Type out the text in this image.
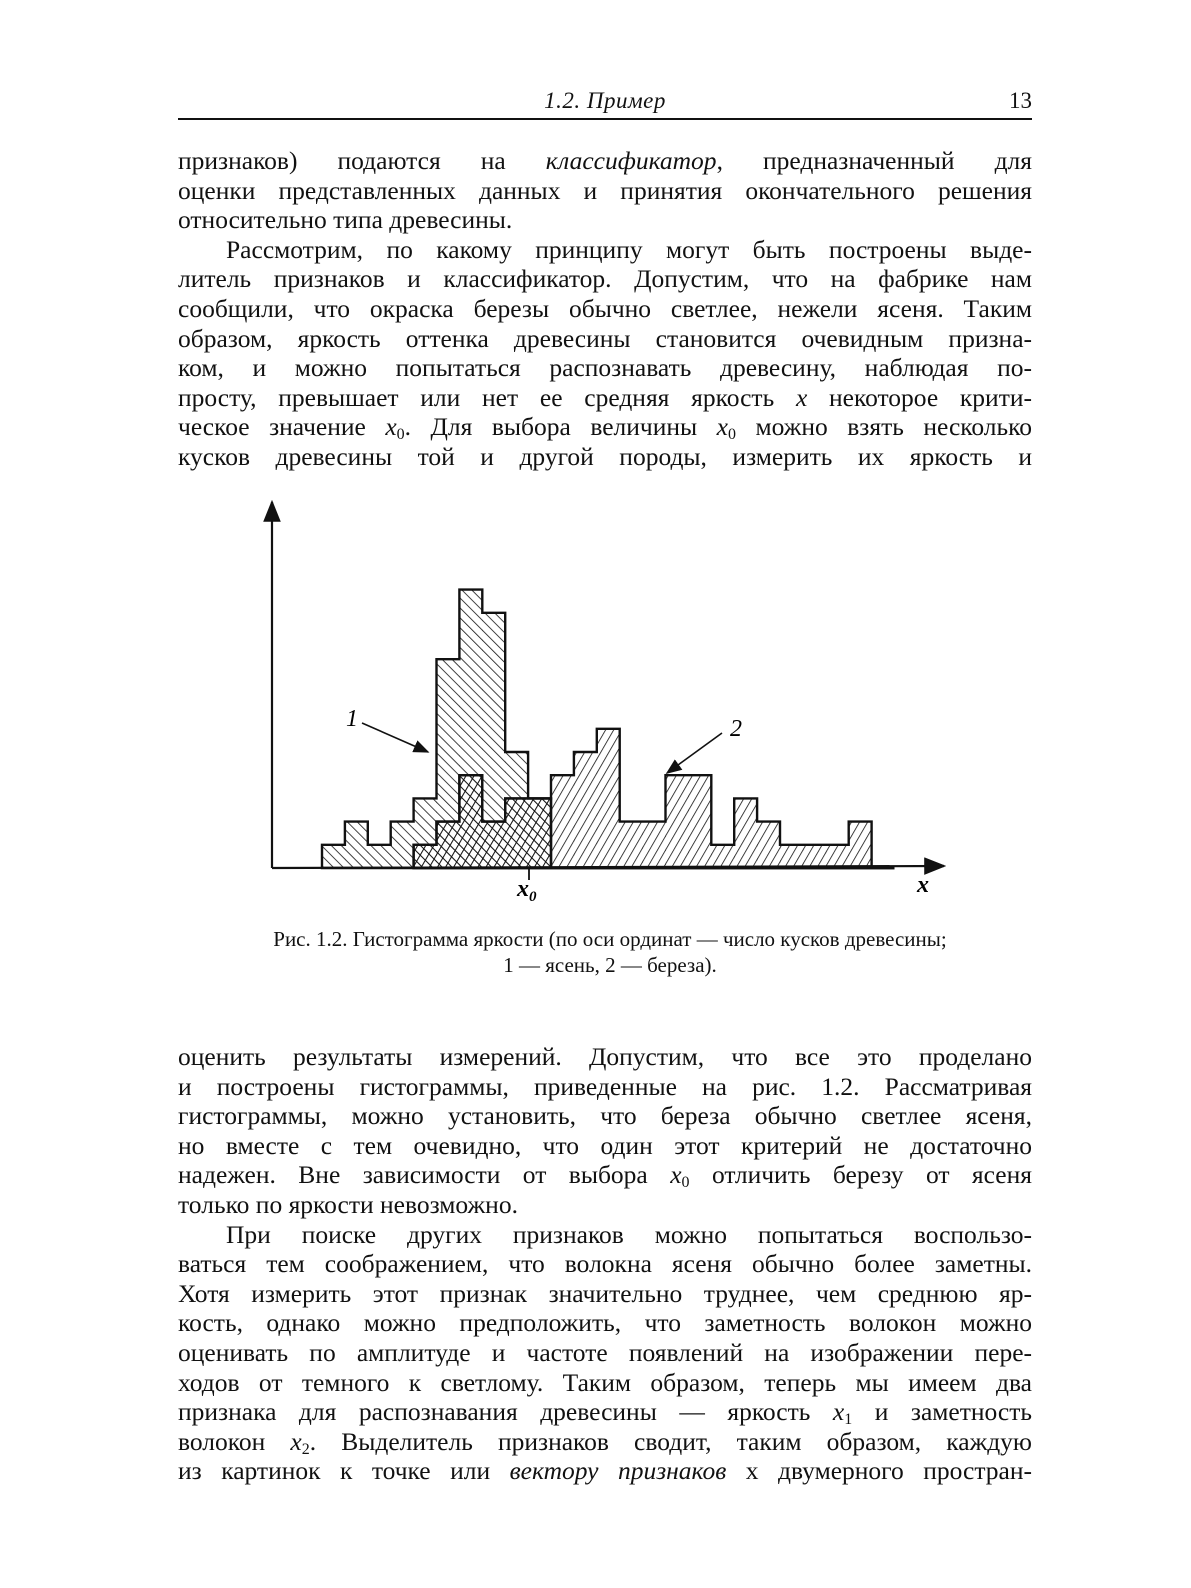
1.2. Пример	13
признаков) подаются на классификатор, предназначенный для
оценки представленных данных и принятия окончательного решения
относительно типа древесины.
Рассмотрим, по какому принципу могут быть построены выде-
литель признаков и классификатор. Допустим, что на фабрике нам
сообщили, что окраска березы обычно светлее, нежели ясеня. Таким
образом, яркость оттенка древесины становится очевидным призна-
ком, и можно попытаться распознавать древесину, наблюдая по-
просту, превышает или нет ее средняя яркость x некоторое крити-
ческое значение $x_0$. Для выбора величины $x_0$ можно взять несколько
кусков древесины той и другой породы, измерить их яркость и
1	2
$x_0$	x
Рис. 1.2. Гистограмма яркости (по оси ординат — число кусков древесины;
1 — ясень, 2 — береза).
оценить результаты измерений. Допустим, что все это проделано
и построены гистограммы, приведенные на рис. 1.2. Рассматривая
гистограммы, можно установить, что береза обычно светлее ясеня,
но вместе с тем очевидно, что один этот критерий не достаточно
надежен. Вне зависимости от выбора $x_0$ отличить березу от ясеня
только по яркости невозможно.
При поиске других признаков можно попытаться воспользо-
ваться тем соображением, что волокна ясеня обычно более заметны.
Хотя измерить этот признак значительно труднее, чем среднюю яр-
кость, однако можно предположить, что заметность волокон можно
оценивать по амплитуде и частоте появлений на изображении пере-
ходов от темного к светлому. Таким образом, теперь мы имеем два
признака для распознавания древесины — яркость $x_1$ и заметность
волокон $x_2$. Выделитель признаков сводит, таким образом, каждую
из картинок к точке или вектору признаков x двумерного простран-
